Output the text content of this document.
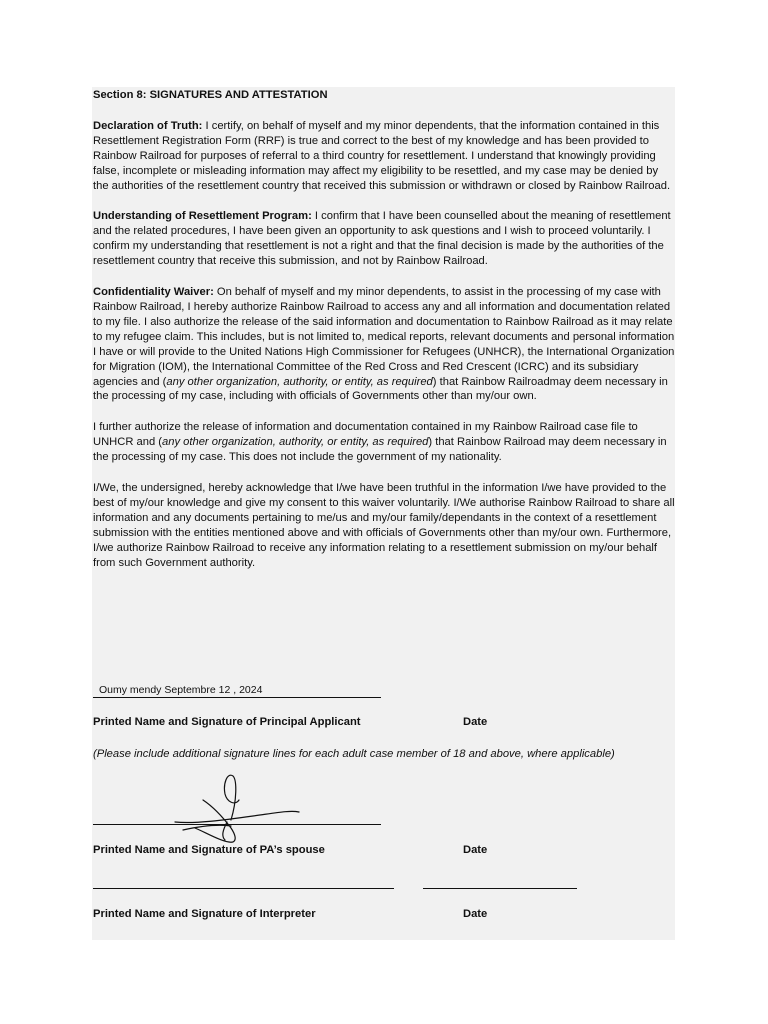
Section 8: SIGNATURES AND ATTESTATION

Declaration of Truth: I certify, on behalf of myself and my minor dependents, that the information contained in this Resettlement Registration Form (RRF) is true and correct to the best of my knowledge and has been provided to Rainbow Railroad for purposes of referral to a third country for resettlement. I understand that knowingly providing false, incomplete or misleading information may affect my eligibility to be resettled, and my case may be denied by the authorities of the resettlement country that received this submission or withdrawn or closed by Rainbow Railroad.

Understanding of Resettlement Program: I confirm that I have been counselled about the meaning of resettlement and the related procedures, I have been given an opportunity to ask questions and I wish to proceed voluntarily. I confirm my understanding that resettlement is not a right and that the final decision is made by the authorities of the resettlement country that receive this submission, and not by Rainbow Railroad.

Confidentiality Waiver: On behalf of myself and my minor dependents, to assist in the processing of my case with Rainbow Railroad, I hereby authorize Rainbow Railroad to access any and all information and documentation related to my file. I also authorize the release of the said information and documentation to Rainbow Railroad as it may relate to my refugee claim. This includes, but is not limited to, medical reports, relevant documents and personal information I have or will provide to the United Nations High Commissioner for Refugees (UNHCR), the International Organization for Migration (IOM), the International Committee of the Red Cross and Red Crescent (ICRC) and its subsidiary agencies and (any other organization, authority, or entity, as required) that Rainbow Railroadmay deem necessary in the processing of my case, including with officials of Governments other than my/our own.

I further authorize the release of information and documentation contained in my Rainbow Railroad case file to UNHCR and (any other organization, authority, or entity, as required) that Rainbow Railroad may deem necessary in the processing of my case. This does not include the government of my nationality.

I/We, the undersigned, hereby acknowledge that I/we have been truthful in the information I/we have provided to the best of my/our knowledge and give my consent to this waiver voluntarily. I/We authorise Rainbow Railroad to share all information and any documents pertaining to me/us and my/our family/dependants in the context of a resettlement submission with the entities mentioned above and with officials of Governments other than my/our own. Furthermore, I/we authorize Rainbow Railroad to receive any information relating to a resettlement submission on my/our behalf from such Government authority.

Oumy mendy Septembre 12 , 2024
Printed Name and Signature of Principal Applicant	Date
(Please include additional signature lines for each adult case member of 18 and above, where applicable)
Printed Name and Signature of PA’s spouse	Date
Printed Name and Signature of Interpreter	Date
